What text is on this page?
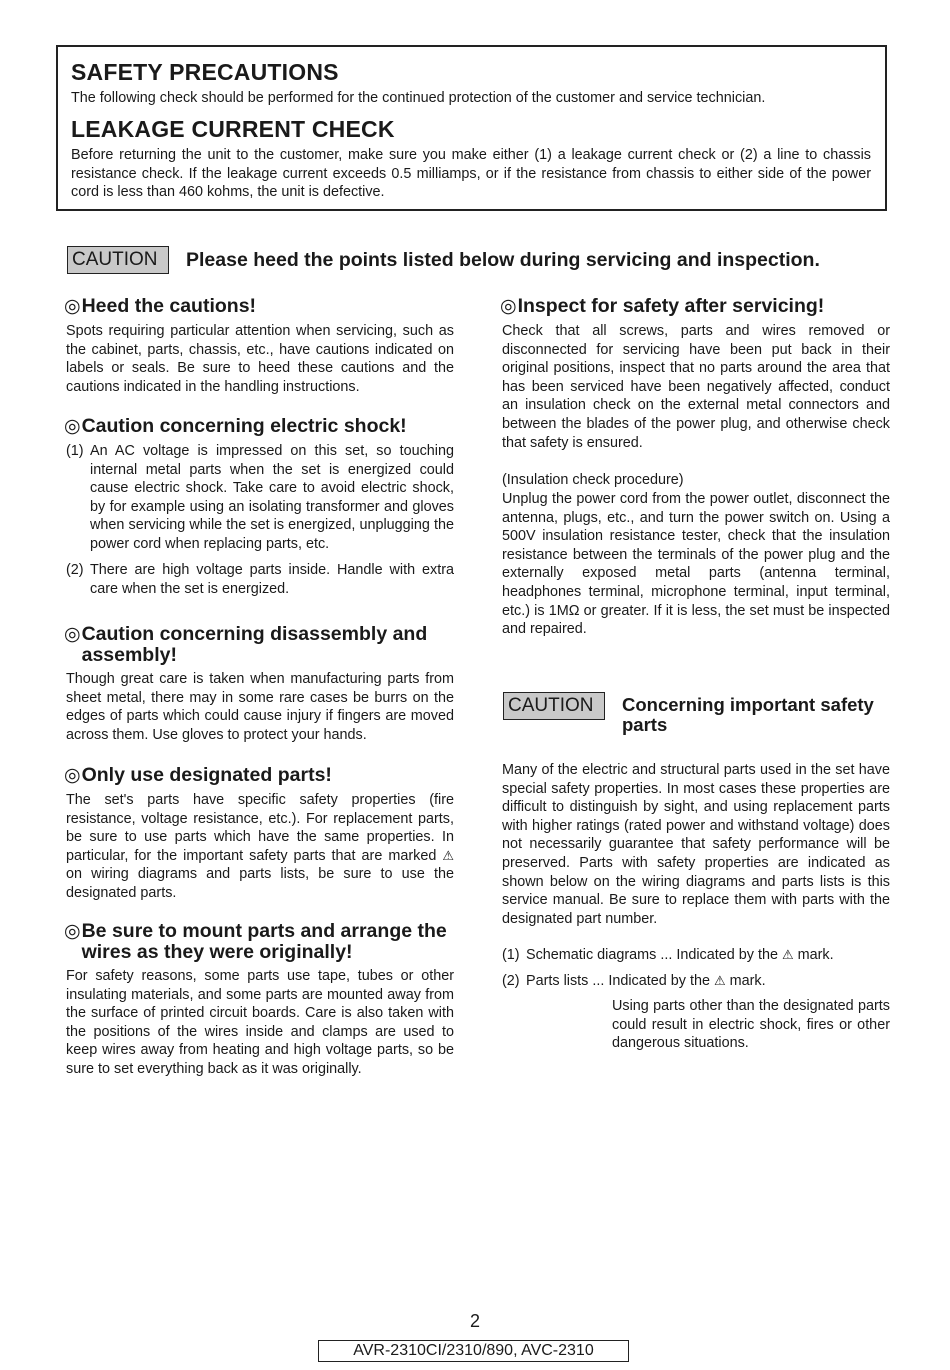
SAFETY PRECAUTIONS

The following check should be performed for the continued protection of the customer and service technician.

LEAKAGE CURRENT CHECK

Before returning the unit to the customer, make sure you make either (1) a leakage current check or (2) a line to chassis resistance check. If the leakage current exceeds 0.5 milliamps, or if the resistance from chassis to either side of the power cord is less than 460 kohms, the unit is defective.

CAUTION	Please heed the points listed below during servicing and inspection.
◎ Heed the cautions!

Spots requiring particular attention when servicing, such as the cabinet, parts, chassis, etc., have cautions indicated on labels or seals. Be sure to heed these cautions and the cautions indicated in the handling instructions.

◎ Caution concerning electric shock!
(1) An AC voltage is impressed on this set, so touching internal metal parts when the set is energized could cause electric shock. Take care to avoid electric shock, by for example using an isolating transformer and gloves when servicing while the set is energized, unplugging the power cord when replacing parts, etc.
(2) There are high voltage parts inside. Handle with extra care when the set is energized.
◎ Caution concerning disassembly and assembly!

Though great care is taken when manufacturing parts from sheet metal, there may in some rare cases be burrs on the edges of parts which could cause injury if fingers are moved across them. Use gloves to protect your hands.

◎ Only use designated parts!

The set's parts have specific safety properties (fire resistance, voltage resistance, etc.). For replacement parts, be sure to use parts which have the same properties. In particular, for the important safety parts that are marked ⚠ on wiring diagrams and parts lists, be sure to use the designated parts.

◎ Be sure to mount parts and arrange the wires as they were originally!

For safety reasons, some parts use tape, tubes or other insulating materials, and some parts are mounted away from the surface of printed circuit boards. Care is also taken with the positions of the wires inside and clamps are used to keep wires away from heating and high voltage parts, so be sure to set everything back as it was originally.

◎ Inspect for safety after servicing!

Check that all screws, parts and wires removed or disconnected for servicing have been put back in their original positions, inspect that no parts around the area that has been serviced have been negatively affected, conduct an insulation check on the external metal connectors and between the blades of the power plug, and otherwise check that safety is ensured.

(Insulation check procedure)

Unplug the power cord from the power outlet, disconnect the antenna, plugs, etc., and turn the power switch on. Using a 500V insulation resistance tester, check that the insulation resistance between the terminals of the power plug and the externally exposed metal parts (antenna terminal, headphones terminal, microphone terminal, input terminal, etc.) is 1MΩ or greater. If it is less, the set must be inspected and repaired.

CAUTION	Concerning important safety parts

Many of the electric and structural parts used in the set have special safety properties. In most cases these properties are difficult to distinguish by sight, and using replacement parts with higher ratings (rated power and withstand voltage) does not necessarily guarantee that safety performance will be preserved. Parts with safety properties are indicated as shown below on the wiring diagrams and parts lists is this service manual. Be sure to replace them with parts with the designated part number.

(1) Schematic diagrams ... Indicated by the ⚠ mark.
(2) Parts lists ... Indicated by the ⚠ mark.

Using parts other than the designated parts could result in electric shock, fires or other dangerous situations.

2
AVR-2310CI/2310/890, AVC-2310
